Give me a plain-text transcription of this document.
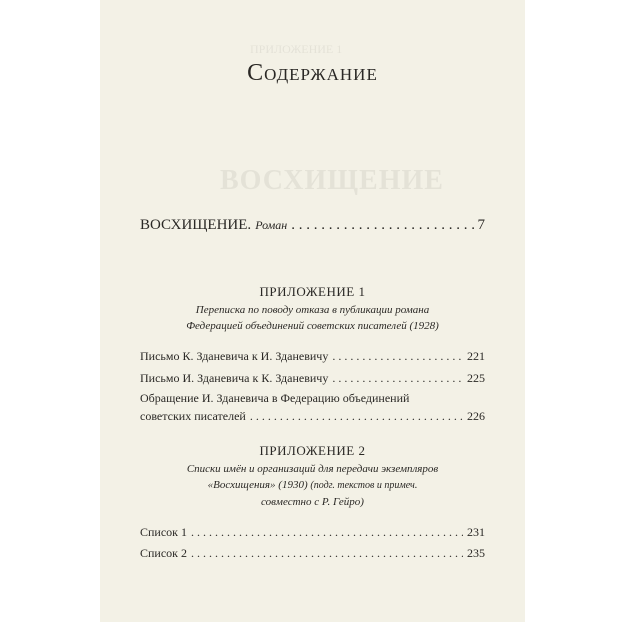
ПРИЛОЖЕНИЕ 1
ВОСХИЩЕНИЕ
Содержание
ВОСХИЩЕНИЕ. Роман . . .	7
ПРИЛОЖЕНИЕ 1
Переписка по поводу отказа в публикации романа
Федерацией объединений советских писателей (1928)
Письмо К. Зданевича к И. Зданевичу . . .	221
Письмо И. Зданевича к К. Зданевичу . . .	225
Обращение И. Зданевича в Федерацию объединений
советских писателей . . .	226
ПРИЛОЖЕНИЕ 2
Списки имён и организаций для передачи экземпляров
«Восхищения» (1930) (подг. текстов и примеч.
совместно с Р. Гейро)
Список 1 . . .	231
Список 2 . . .	235
